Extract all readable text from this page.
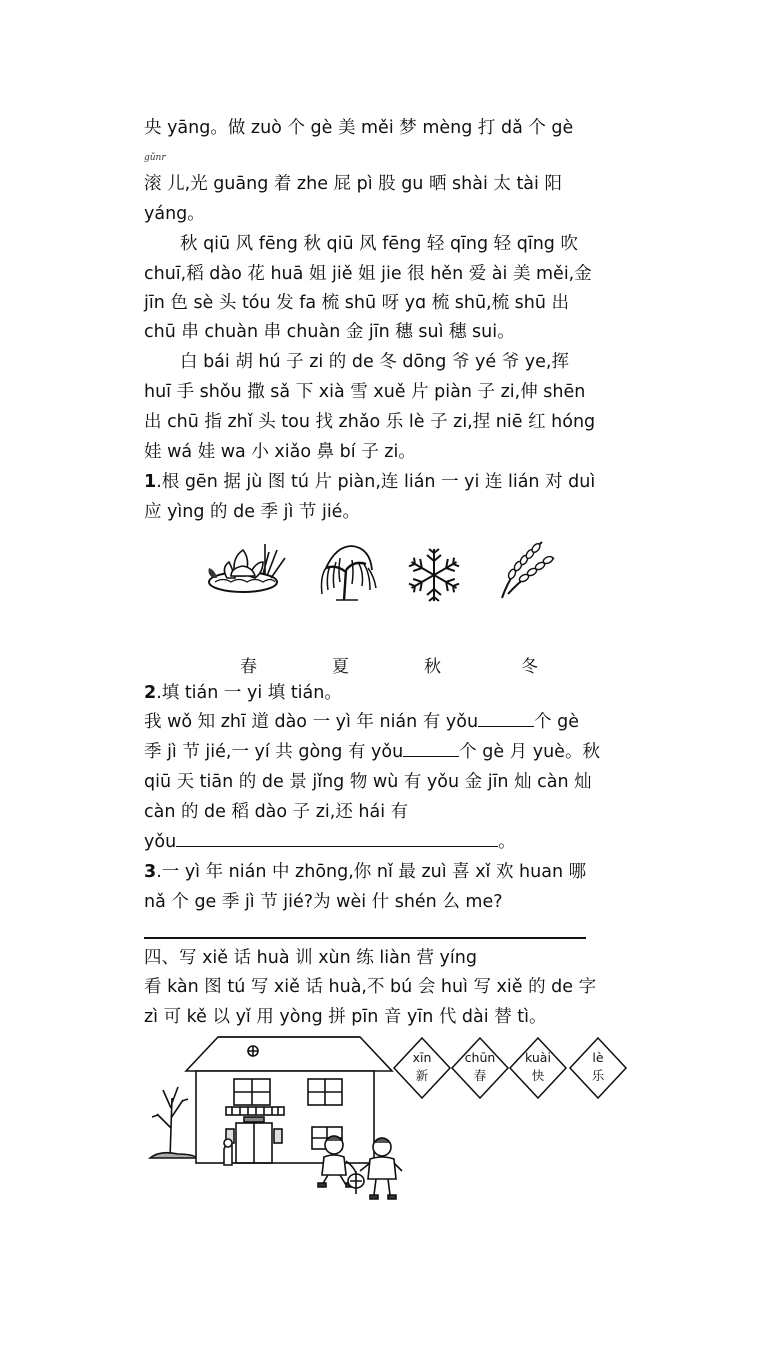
央 yāng。做 zuò 个 gè 美 měi 梦 mèng 打 dǎ 个 gè
gǔnr
滚 儿,光 guāng 着 zhe 屁 pì 股 gu 晒 shài 太 tài 阳
yáng。
秋 qiū 风 fēng 秋 qiū 风 fēng 轻 qīng 轻 qīng 吹
chuī,稻 dào 花 huā 姐 jiě 姐 jie 很 hěn 爱 ài 美 měi,金
jīn 色 sè 头 tóu 发 fa 梳 shū 呀 yɑ 梳 shū,梳 shū 出
chū 串 chuàn 串 chuàn 金 jīn 穗 suì 穗 sui。
白 bái 胡 hú 子 zi 的 de 冬 dōng 爷 yé 爷 ye,挥
huī 手 shǒu 撒 sǎ 下 xià 雪 xuě 片 piàn 子 zi,伸 shēn
出 chū 指 zhǐ 头 tou 找 zhǎo 乐 lè 子 zi,捏 niē 红 hóng
娃 wá 娃 wa 小 xiǎo 鼻 bí 子 zi。
1.根 gēn 据 jù 图 tú 片 piàn,连 lián 一 yi 连 lián 对 duì
应 yìng 的 de 季 jì 节 jié。
春	夏	秋	冬
2.填 tián 一 yi 填 tián。
我 wǒ 知 zhī 道 dào 一 yì 年 nián 有 yǒu	个 gè
季 jì 节 jié,一 yí 共 gòng 有 yǒu	个 gè 月 yuè。秋
qiū 天 tiān 的 de 景 jǐng 物 wù 有 yǒu 金 jīn 灿 càn 灿
càn 的 de 稻 dào 子 zi,还 hái 有
yǒu	。
3.一 yì 年 nián 中 zhōng,你 nǐ 最 zuì 喜 xǐ 欢 huan 哪
nǎ 个 ge 季 jì 节 jié?为 wèi 什 shén 么 me?
四、写 xiě 话 huà 训 xùn 练 liàn 营 yíng
看 kàn 图 tú 写 xiě 话 huà,不 bú 会 huì 写 xiě 的 de 字
zì 可 kě 以 yǐ 用 yòng 拼 pīn 音 yīn 代 dài 替 tì。
xīn
新
chūn
春
kuài
快
lè
乐
